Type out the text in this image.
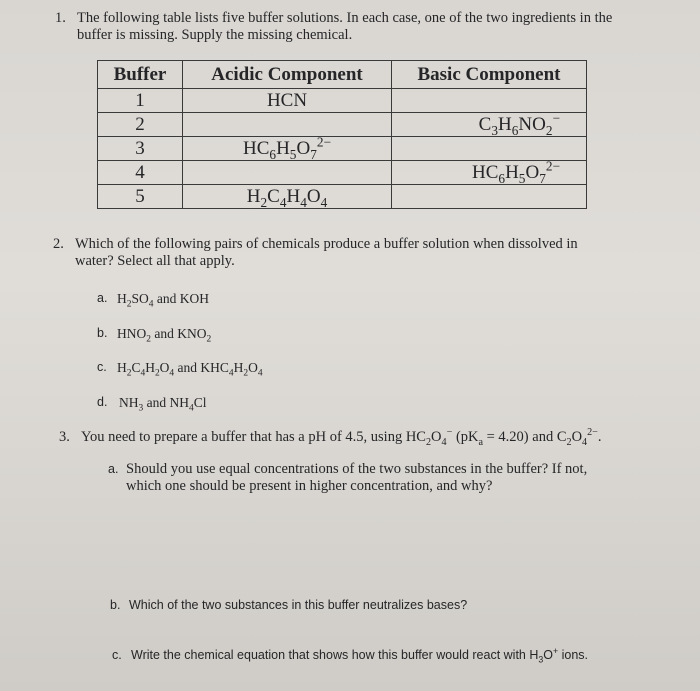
1. The following table lists five buffer solutions. In each case, one of the two ingredients in the
buffer is missing. Supply the missing chemical.
Buffer	Acidic Component	Basic Component
1	HCN	
2		$C_3H_6NO_2^-$
3	$HC_6H_5O_7^{2-}$	
4		$HC_6H_5O_7^{2-}$
5	$H_2C_4H_4O_4$	
2. Which of the following pairs of chemicals produce a buffer solution when dissolved in
water? Select all that apply.
a. $H_2SO_4$ and KOH
b. $HNO_2$ and $KNO_2$
c. $H_2C_4H_2O_4$ and $KHC_4H_2O_4$
d. $NH_3$ and $NH_4Cl$
3. You need to prepare a buffer that has a pH of 4.5, using $HC_2O_4^-$ $(pK_a = 4.20)$ and $C_2O_4^{2-}$.
a. Should you use equal concentrations of the two substances in the buffer? If not,
which one should be present in higher concentration, and why?
b. Which of the two substances in this buffer neutralizes bases?
c. Write the chemical equation that shows how this buffer would react with $H_3O^+$ ions.
